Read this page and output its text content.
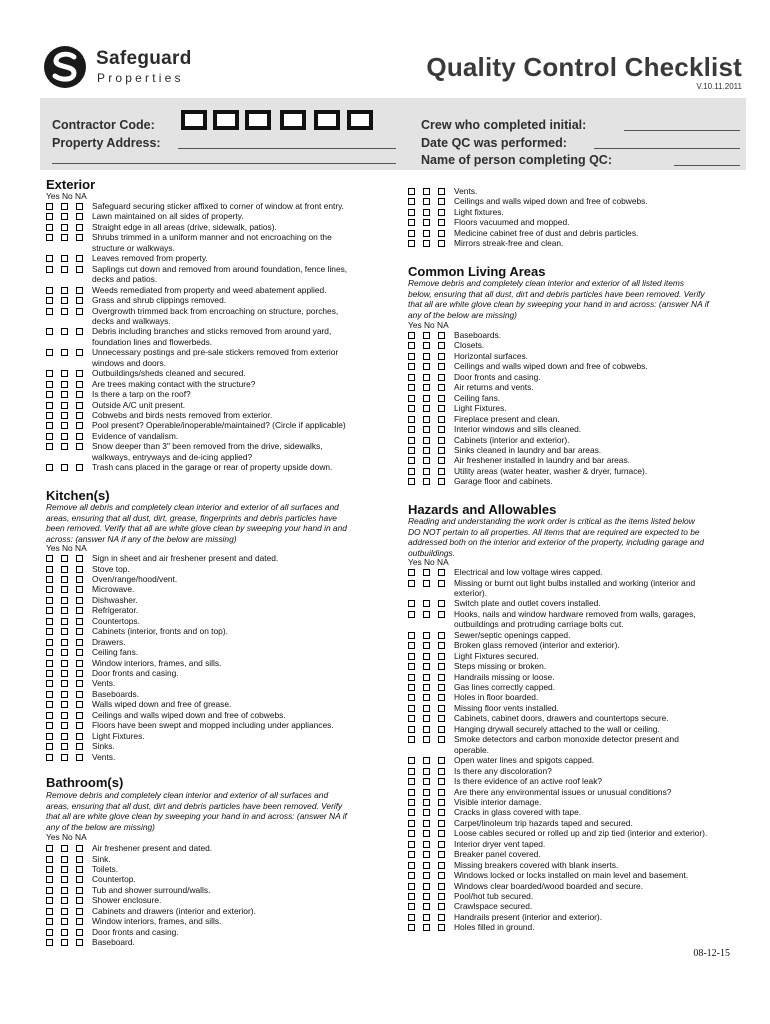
Safeguard
Properties	Quality Control Checklist
V.10.11.2011
Contractor Code:
Property Address:
Crew who completed initial:
Date QC was performed:
Name of person completing QC:
Exterior
Yes No NA
Safeguard securing sticker affixed to corner of window at front entry.
Lawn maintained on all sides of property.
Straight edge in all areas (drive, sidewalk, patios).
Shrubs trimmed in a uniform manner and not encroaching on the
structure or walkways.
Leaves removed from property.
Saplings cut down and removed from around foundation, fence lines,
decks and patios.
Weeds remediated from property and weed abatement applied.
Grass and shrub clippings removed.
Overgrowth trimmed back from encroaching on structure, porches,
decks and walkways.
Debris including branches and sticks removed from around yard,
foundation lines and flowerbeds.
Unnecessary postings and pre-sale stickers removed from exterior
windows and doors.
Outbuildings/sheds cleaned and secured.
Are trees making contact with the structure?
Is there a tarp on the roof?
Outside A/C unit present.
Cobwebs and birds nests removed from exterior.
Pool present? Operable/inoperable/maintained? (Circle if applicable)
Evidence of vandalism.
Snow deeper than 3" been removed from the drive, sidewalks,
walkways, entryways and de-icing applied?
Trash cans placed in the garage or rear of property upside down.
Kitchen(s)
Remove all debris and completely clean interior and exterior of all surfaces and
areas, ensuring that all dust, dirt, grease, fingerprints and debris particles have
been removed. Verify that all are white glove clean by sweeping your hand in and
across: (answer NA if any of the below are missing)
Yes No NA
Sign in sheet and air freshener present and dated.
Stove top.
Oven/range/hood/vent.
Microwave.
Dishwasher.
Refrigerator.
Countertops.
Cabinets (interior, fronts and on top).
Drawers.
Ceiling fans.
Window interiors, frames, and sills.
Door fronts and casing.
Vents.
Baseboards.
Walls wiped down and free of grease.
Ceilings and walls wiped down and free of cobwebs.
Floors have been swept and mopped including under appliances.
Light Fixtures.
Sinks.
Vents.
Bathroom(s)
Remove debris and completely clean interior and exterior of all surfaces and
areas, ensuring that all dust, dirt and debris particles have been removed. Verify
that all are white glove clean by sweeping your hand in and across: (answer NA if
any of the below are missing)
Yes No NA
Air freshener present and dated.
Sink.
Toilets.
Countertop.
Tub and shower surround/walls.
Shower enclosure.
Cabinets and drawers (interior and exterior).
Window interiors, frames, and sills.
Door fronts and casing.
Baseboard.
Vents.
Ceilings and walls wiped down and free of cobwebs.
Light fixtures.
Floors vacuumed and mopped.
Medicine cabinet free of dust and debris particles.
Mirrors streak-free and clean.
Common Living Areas
Remove debris and completely clean interior and exterior of all listed items
below, ensuring that all dust, dirt and debris particles have been removed. Verify
that all are white glove clean by sweeping your hand in and across: (answer NA if
any of the below are missing)
Yes No NA
Baseboards.
Closets.
Horizontal surfaces.
Ceilings and walls wiped down and free of cobwebs.
Door fronts and casing.
Air returns and vents.
Ceiling fans.
Light Fixtures.
Fireplace present and clean.
Interior windows and sills cleaned.
Cabinets (interior and exterior).
Sinks cleaned in laundry and bar areas.
Air freshener installed in laundry and bar areas.
Utility areas (water heater, washer & dryer, furnace).
Garage floor and cabinets.
Hazards and Allowables
Reading and understanding the work order is critical as the items listed below
DO NOT pertain to all properties. All items that are required are expected to be
addressed both on the interior and exterior of the property, including garage and
outbuildings.
Yes No NA
Electrical and low voltage wires capped.
Missing or burnt out light bulbs installed and working (interior and
exterior).
Switch plate and outlet covers installed.
Hooks, nails and window hardware removed from walls, garages,
outbuildings and protruding carriage bolts cut.
Sewer/septic openings capped.
Broken glass removed (interior and exterior).
Light Fixtures secured.
Steps missing or broken.
Handrails missing or loose.
Gas lines correctly capped.
Holes in floor boarded.
Missing floor vents installed.
Cabinets, cabinet doors, drawers and countertops secure.
Hanging drywall securely attached to the wall or ceiling.
Smoke detectors and carbon monoxide detector present and
operable.
Open water lines and spigots capped.
Is there any discoloration?
Is there evidence of an active roof leak?
Are there any environmental issues or unusual conditions?
Visible interior damage.
Cracks in glass covered with tape.
Carpet/linoleum trip hazards taped and secured.
Loose cables secured or rolled up and zip tied (interior and exterior).
Interior dryer vent taped.
Breaker panel covered.
Missing breakers covered with blank inserts.
Windows locked or locks installed on main level and basement.
Windows clear boarded/wood boarded and secure.
Pool/hot tub secured.
Crawlspace secured.
Handrails present (interior and exterior).
Holes filled in ground.
08-12-15
